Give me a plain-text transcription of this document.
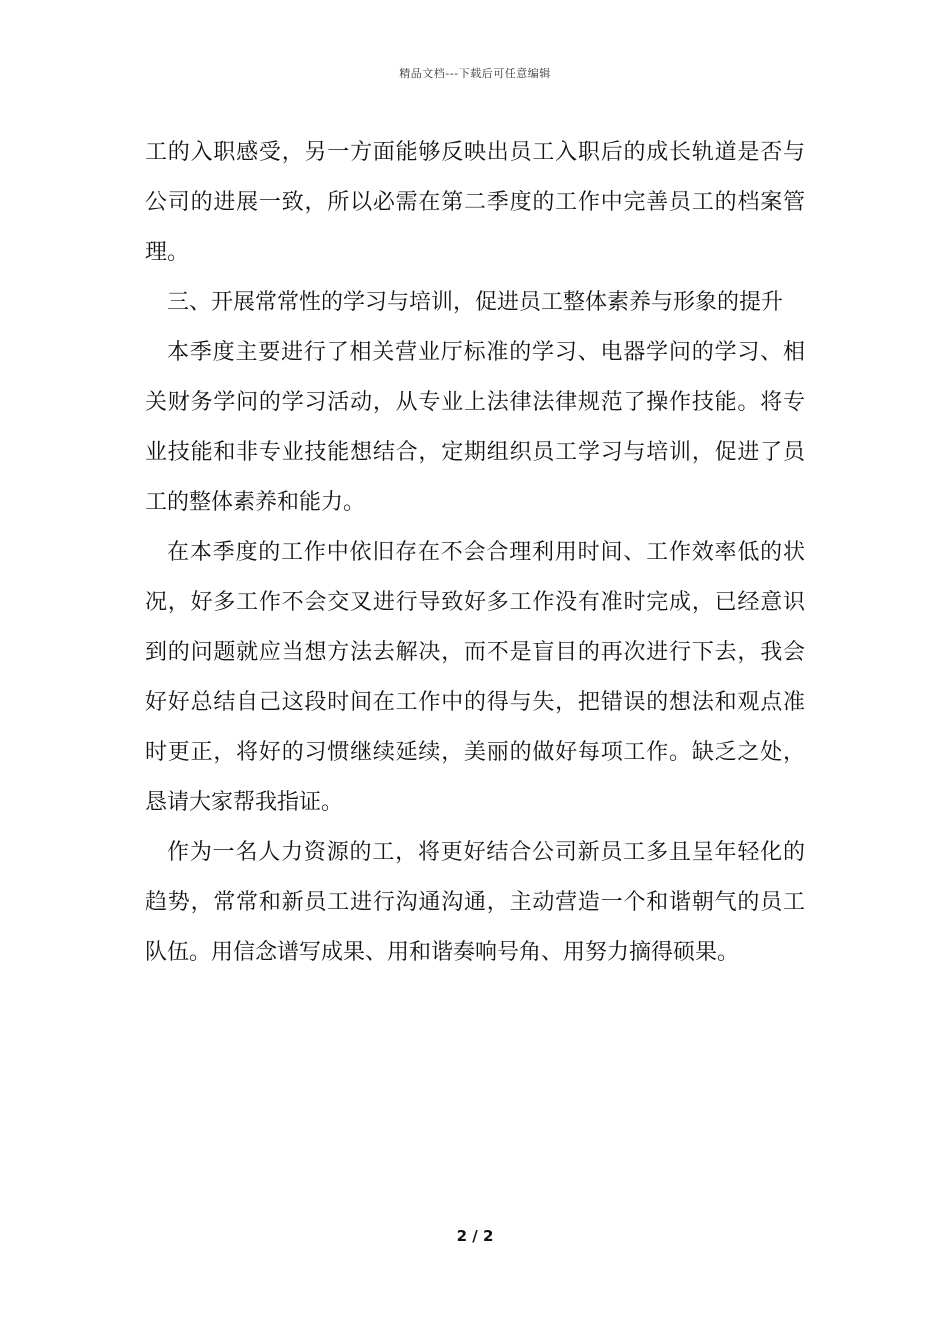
精品文档---下载后可任意编辑
工的入职感受，另一方面能够反映出员工入职后的成长轨道是否与
公司的进展一致，所以必需在第二季度的工作中完善员工的档案管
理。
三、开展常常性的学习与培训，促进员工整体素养与形象的提升
本季度主要进行了相关营业厅标准的学习、电器学问的学习、相
关财务学问的学习活动，从专业上法律法律规范了操作技能。将专
业技能和非专业技能想结合，定期组织员工学习与培训，促进了员
工的整体素养和能力。
在本季度的工作中依旧存在不会合理利用时间、工作效率低的状
况，好多工作不会交叉进行导致好多工作没有准时完成，已经意识
到的问题就应当想方法去解决，而不是盲目的再次进行下去，我会
好好总结自己这段时间在工作中的得与失，把错误的想法和观点准
时更正，将好的习惯继续延续，美丽的做好每项工作。缺乏之处，
恳请大家帮我指证。
作为一名人力资源的工，将更好结合公司新员工多且呈年轻化的
趋势，常常和新员工进行沟通沟通，主动营造一个和谐朝气的员工
队伍。用信念谱写成果、用和谐奏响号角、用努力摘得硕果。
2 / 2
